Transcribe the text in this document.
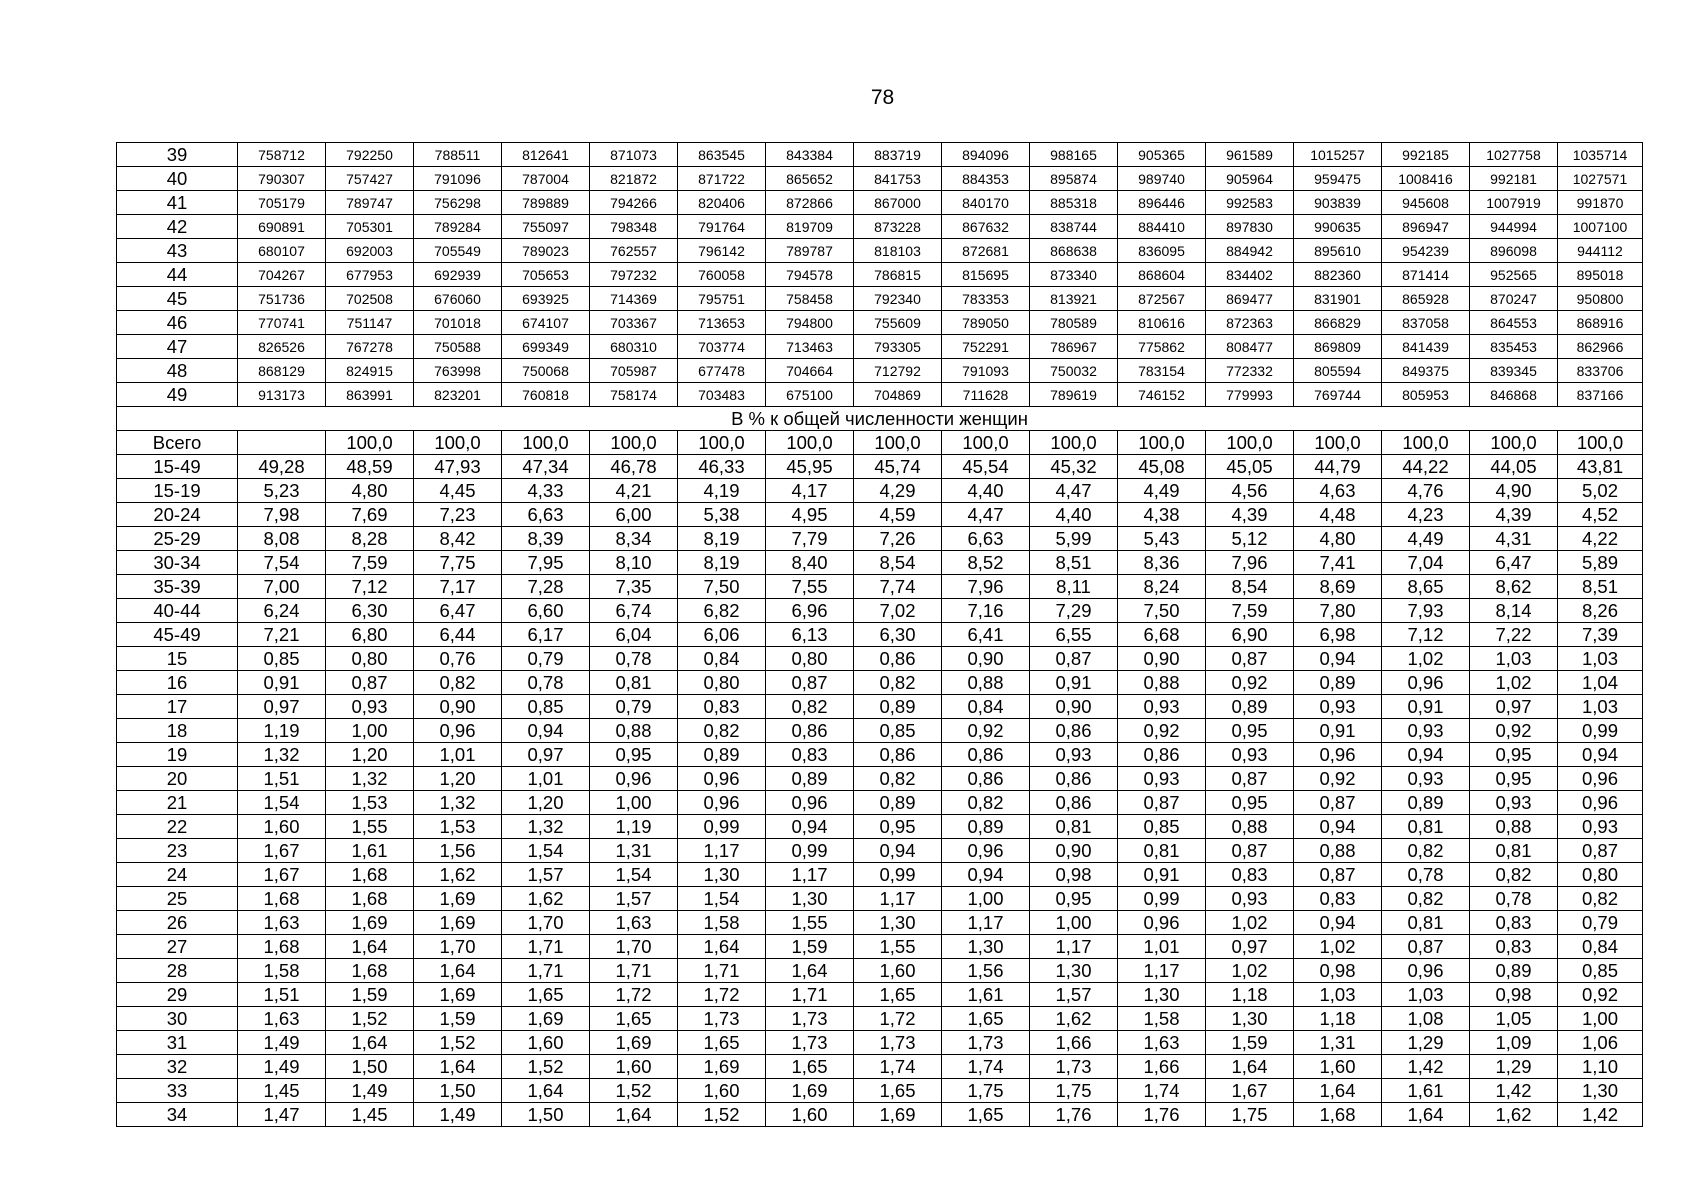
78
39	758712	792250	788511	812641	871073	863545	843384	883719	894096	988165	905365	961589	1015257	992185	1027758	1035714
40	790307	757427	791096	787004	821872	871722	865652	841753	884353	895874	989740	905964	959475	1008416	992181	1027571
41	705179	789747	756298	789889	794266	820406	872866	867000	840170	885318	896446	992583	903839	945608	1007919	991870
42	690891	705301	789284	755097	798348	791764	819709	873228	867632	838744	884410	897830	990635	896947	944994	1007100
43	680107	692003	705549	789023	762557	796142	789787	818103	872681	868638	836095	884942	895610	954239	896098	944112
44	704267	677953	692939	705653	797232	760058	794578	786815	815695	873340	868604	834402	882360	871414	952565	895018
45	751736	702508	676060	693925	714369	795751	758458	792340	783353	813921	872567	869477	831901	865928	870247	950800
46	770741	751147	701018	674107	703367	713653	794800	755609	789050	780589	810616	872363	866829	837058	864553	868916
47	826526	767278	750588	699349	680310	703774	713463	793305	752291	786967	775862	808477	869809	841439	835453	862966
48	868129	824915	763998	750068	705987	677478	704664	712792	791093	750032	783154	772332	805594	849375	839345	833706
49	913173	863991	823201	760818	758174	703483	675100	704869	711628	789619	746152	779993	769744	805953	846868	837166
В % к общей численности женщин																
Всего		100,0	100,0	100,0	100,0	100,0	100,0	100,0	100,0	100,0	100,0	100,0	100,0	100,0	100,0	100,0
15-49	49,28	48,59	47,93	47,34	46,78	46,33	45,95	45,74	45,54	45,32	45,08	45,05	44,79	44,22	44,05	43,81
15-19	5,23	4,80	4,45	4,33	4,21	4,19	4,17	4,29	4,40	4,47	4,49	4,56	4,63	4,76	4,90	5,02
20-24	7,98	7,69	7,23	6,63	6,00	5,38	4,95	4,59	4,47	4,40	4,38	4,39	4,48	4,23	4,39	4,52
25-29	8,08	8,28	8,42	8,39	8,34	8,19	7,79	7,26	6,63	5,99	5,43	5,12	4,80	4,49	4,31	4,22
30-34	7,54	7,59	7,75	7,95	8,10	8,19	8,40	8,54	8,52	8,51	8,36	7,96	7,41	7,04	6,47	5,89
35-39	7,00	7,12	7,17	7,28	7,35	7,50	7,55	7,74	7,96	8,11	8,24	8,54	8,69	8,65	8,62	8,51
40-44	6,24	6,30	6,47	6,60	6,74	6,82	6,96	7,02	7,16	7,29	7,50	7,59	7,80	7,93	8,14	8,26
45-49	7,21	6,80	6,44	6,17	6,04	6,06	6,13	6,30	6,41	6,55	6,68	6,90	6,98	7,12	7,22	7,39
15	0,85	0,80	0,76	0,79	0,78	0,84	0,80	0,86	0,90	0,87	0,90	0,87	0,94	1,02	1,03	1,03
16	0,91	0,87	0,82	0,78	0,81	0,80	0,87	0,82	0,88	0,91	0,88	0,92	0,89	0,96	1,02	1,04
17	0,97	0,93	0,90	0,85	0,79	0,83	0,82	0,89	0,84	0,90	0,93	0,89	0,93	0,91	0,97	1,03
18	1,19	1,00	0,96	0,94	0,88	0,82	0,86	0,85	0,92	0,86	0,92	0,95	0,91	0,93	0,92	0,99
19	1,32	1,20	1,01	0,97	0,95	0,89	0,83	0,86	0,86	0,93	0,86	0,93	0,96	0,94	0,95	0,94
20	1,51	1,32	1,20	1,01	0,96	0,96	0,89	0,82	0,86	0,86	0,93	0,87	0,92	0,93	0,95	0,96
21	1,54	1,53	1,32	1,20	1,00	0,96	0,96	0,89	0,82	0,86	0,87	0,95	0,87	0,89	0,93	0,96
22	1,60	1,55	1,53	1,32	1,19	0,99	0,94	0,95	0,89	0,81	0,85	0,88	0,94	0,81	0,88	0,93
23	1,67	1,61	1,56	1,54	1,31	1,17	0,99	0,94	0,96	0,90	0,81	0,87	0,88	0,82	0,81	0,87
24	1,67	1,68	1,62	1,57	1,54	1,30	1,17	0,99	0,94	0,98	0,91	0,83	0,87	0,78	0,82	0,80
25	1,68	1,68	1,69	1,62	1,57	1,54	1,30	1,17	1,00	0,95	0,99	0,93	0,83	0,82	0,78	0,82
26	1,63	1,69	1,69	1,70	1,63	1,58	1,55	1,30	1,17	1,00	0,96	1,02	0,94	0,81	0,83	0,79
27	1,68	1,64	1,70	1,71	1,70	1,64	1,59	1,55	1,30	1,17	1,01	0,97	1,02	0,87	0,83	0,84
28	1,58	1,68	1,64	1,71	1,71	1,71	1,64	1,60	1,56	1,30	1,17	1,02	0,98	0,96	0,89	0,85
29	1,51	1,59	1,69	1,65	1,72	1,72	1,71	1,65	1,61	1,57	1,30	1,18	1,03	1,03	0,98	0,92
30	1,63	1,52	1,59	1,69	1,65	1,73	1,73	1,72	1,65	1,62	1,58	1,30	1,18	1,08	1,05	1,00
31	1,49	1,64	1,52	1,60	1,69	1,65	1,73	1,73	1,73	1,66	1,63	1,59	1,31	1,29	1,09	1,06
32	1,49	1,50	1,64	1,52	1,60	1,69	1,65	1,74	1,74	1,73	1,66	1,64	1,60	1,42	1,29	1,10
33	1,45	1,49	1,50	1,64	1,52	1,60	1,69	1,65	1,75	1,75	1,74	1,67	1,64	1,61	1,42	1,30
34	1,47	1,45	1,49	1,50	1,64	1,52	1,60	1,69	1,65	1,76	1,76	1,75	1,68	1,64	1,62	1,42
